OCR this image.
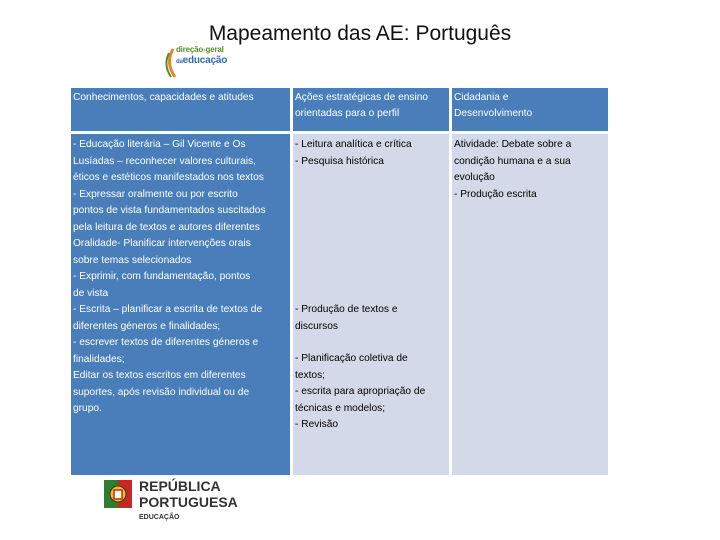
Mapeamento das AE: Português
direção-geral
daeducação
Conhecimentos, capacidades e atitudes	Ações estratégicas de ensino orientadas para o perfil
Cidadania e Desenvolvimento
- Educação literária – Gil Vicente e Os
Lusíadas – reconhecer valores culturais,
éticos e estéticos manifestados nos textos
- Expressar oralmente ou por escrito
pontos de vista fundamentados suscitados
pela leitura de textos e autores diferentes
Oralidade- Planificar intervenções orais
sobre temas selecionados
- Exprimir, com fundamentação, pontos
de vista
- Escrita – planificar a escrita de textos de
diferentes géneros e finalidades;
- escrever textos de diferentes géneros e
finalidades;
Editar os textos escritos em diferentes
suportes, após revisão individual ou de
grupo.
- Leitura analítica e crítica
- Pesquisa histórica
- Produção de textos e
discursos
- Planificação coletiva de
textos;
- escrita para apropriação de
técnicas e modelos;
- Revisão
Atividade: Debate sobre a
condição humana e a sua
evolução
- Produção escrita
REPÚBLICA
PORTUGUESA
EDUCAÇÃO
